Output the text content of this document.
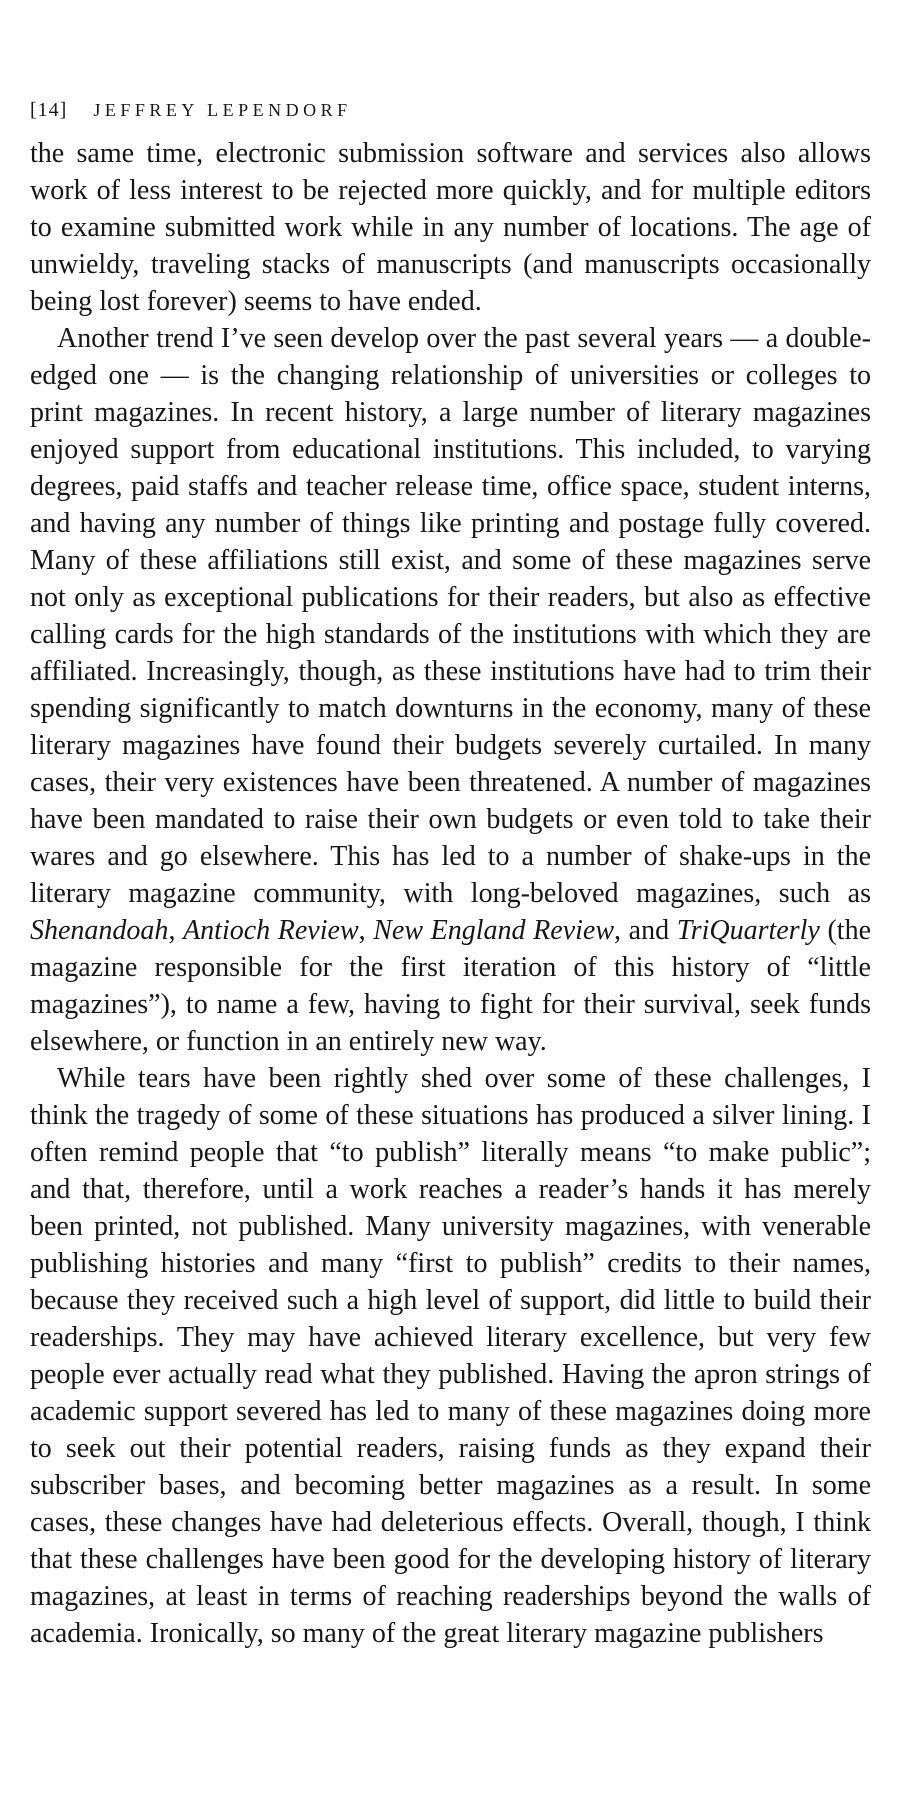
[14] JEFFREY LEPENDORF

the same time, electronic submission software and services also allows work of less interest to be rejected more quickly, and for multiple editors to examine submitted work while in any number of locations. The age of unwieldy, traveling stacks of manuscripts (and manuscripts occasionally being lost forever) seems to have ended.

Another trend I’ve seen develop over the past several years — a double-edged one — is the changing relationship of universities or colleges to print magazines. In recent history, a large number of literary magazines enjoyed support from educational institutions. This included, to varying degrees, paid staffs and teacher release time, office space, student interns, and having any number of things like printing and postage fully covered. Many of these affiliations still exist, and some of these magazines serve not only as exceptional publications for their readers, but also as effective calling cards for the high standards of the institutions with which they are affiliated. Increasingly, though, as these institutions have had to trim their spending significantly to match downturns in the economy, many of these literary magazines have found their budgets severely curtailed. In many cases, their very existences have been threatened. A number of magazines have been mandated to raise their own budgets or even told to take their wares and go elsewhere. This has led to a number of shake-ups in the literary magazine community, with long-beloved magazines, such as Shenandoah, Antioch Review, New England Review, and TriQuarterly (the magazine responsible for the first iteration of this history of “little magazines”), to name a few, having to fight for their survival, seek funds elsewhere, or function in an entirely new way.

While tears have been rightly shed over some of these challenges, I think the tragedy of some of these situations has produced a silver lining. I often remind people that “to publish” literally means “to make public”; and that, therefore, until a work reaches a reader’s hands it has merely been printed, not published. Many university magazines, with venerable publishing histories and many “first to publish” credits to their names, because they received such a high level of support, did little to build their readerships. They may have achieved literary excellence, but very few people ever actually read what they published. Having the apron strings of academic support severed has led to many of these magazines doing more to seek out their potential readers, raising funds as they expand their subscriber bases, and becoming better magazines as a result. In some cases, these changes have had deleterious effects. Overall, though, I think that these challenges have been good for the developing history of literary magazines, at least in terms of reaching readerships beyond the walls of academia. Ironically, so many of the great literary magazine publishers
